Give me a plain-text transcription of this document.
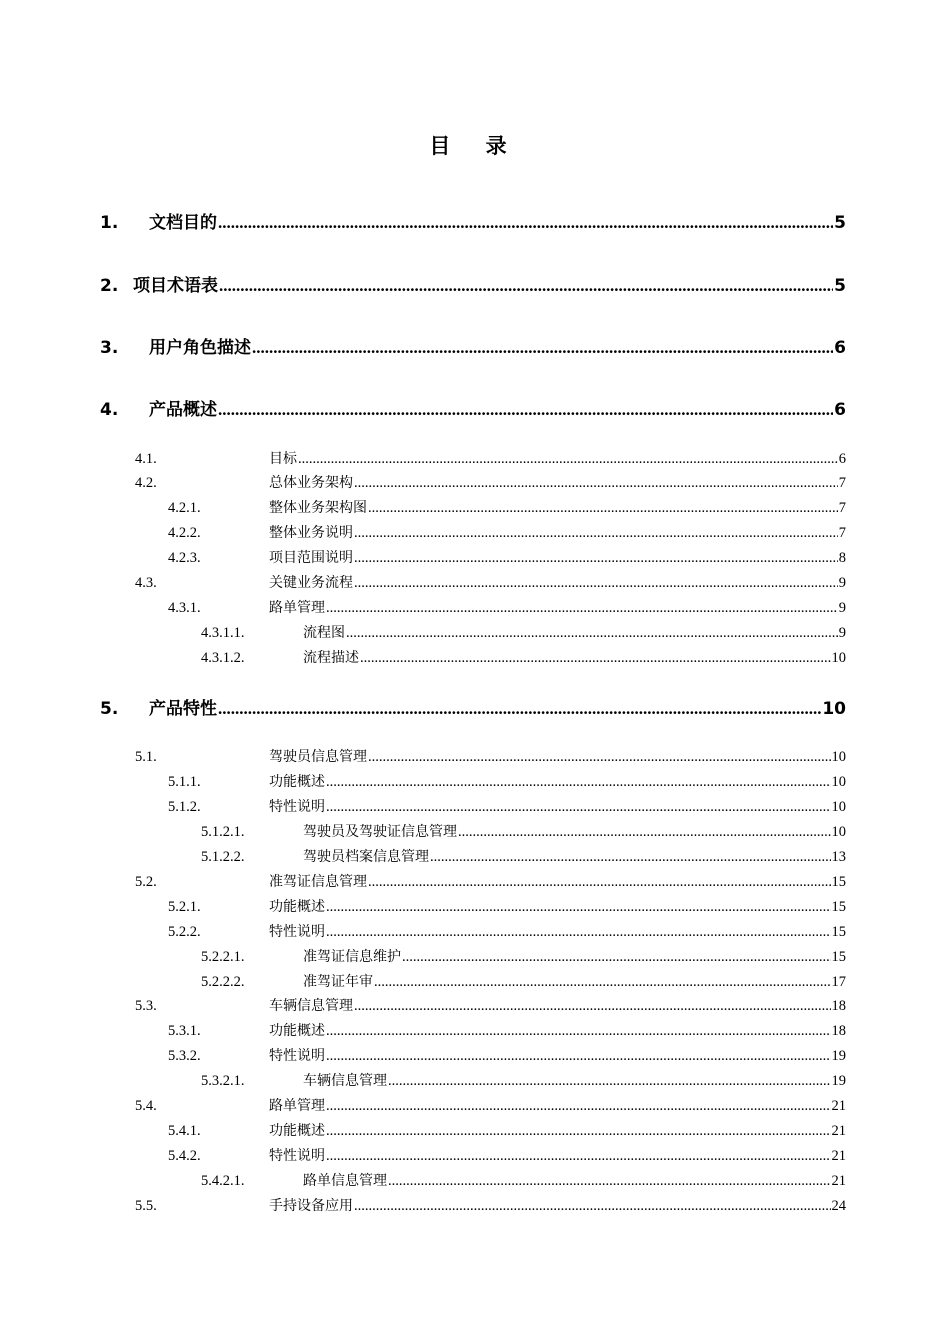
目 录
1.	文档目的 .....	5
2. 项目术语表 .....	5
3.	用户角色描述 .....	6
4.	产品概述 .....	6
4.1.	目标 .....	6
4.2.	总体业务架构 .....	7
4.2.1.	整体业务架构图 .....	7
4.2.2.	整体业务说明 .....	7
4.2.3.	项目范围说明 .....	8
4.3.	关键业务流程 .....	9
4.3.1.	路单管理 .....	9
4.3.1.1.	流程图 .....	9
4.3.1.2.	流程描述 .....	10
5.	产品特性 .....	10
5.1.	驾驶员信息管理 .....	10
5.1.1.	功能概述 .....	10
5.1.2.	特性说明 .....	10
5.1.2.1.	驾驶员及驾驶证信息管理 .....	10
5.1.2.2.	驾驶员档案信息管理 .....	13
5.2.	准驾证信息管理 .....	15
5.2.1.	功能概述 .....	15
5.2.2.	特性说明 .....	15
5.2.2.1.	准驾证信息维护 .....	15
5.2.2.2.	准驾证年审 .....	17
5.3.	车辆信息管理 .....	18
5.3.1.	功能概述 .....	18
5.3.2.	特性说明 .....	19
5.3.2.1.	车辆信息管理 .....	19
5.4.	路单管理 .....	21
5.4.1.	功能概述 .....	21
5.4.2.	特性说明 .....	21
5.4.2.1.	路单信息管理 .....	21
5.5.	手持设备应用 .....	24
